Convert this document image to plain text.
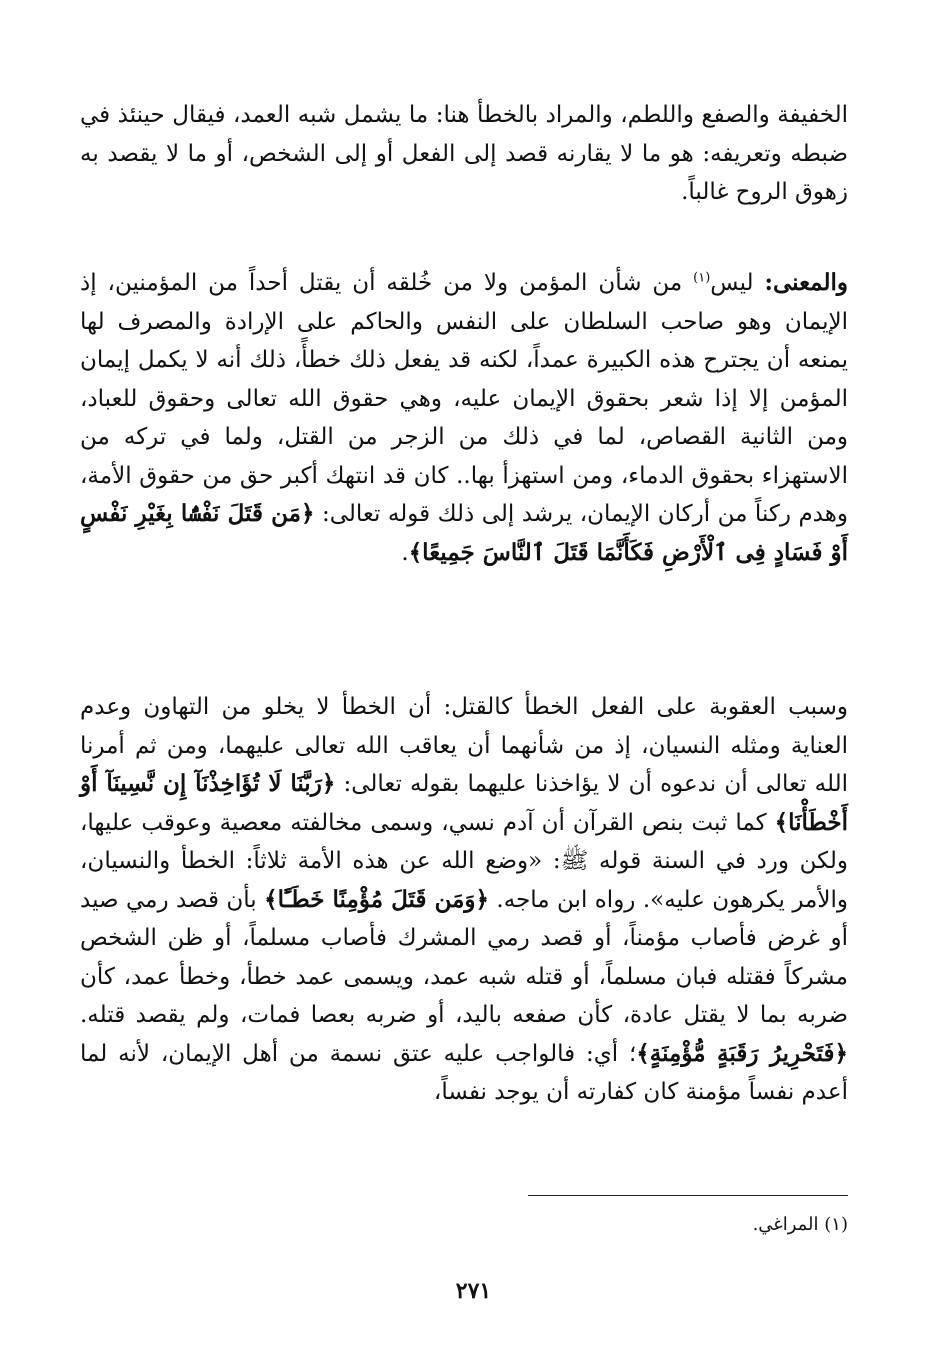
الخفيفة والصفع واللطم، والمراد بالخطأ هنا: ما يشمل شبه العمد، فيقال حينئذ في ضبطه وتعريفه: هو ما لا يقارنه قصد إلى الفعل أو إلى الشخص، أو ما لا يقصد به زهوق الروح غالباً.

والمعنى: ليس$^{(١)}$ من شأن المؤمن ولا من خُلقه أن يقتل أحداً من المؤمنين، إذ الإيمان وهو صاحب السلطان على النفس والحاكم على الإرادة والمصرف لها يمنعه أن يجترح هذه الكبيرة عمداً، لكنه قد يفعل ذلك خطأً، ذلك أنه لا يكمل إيمان المؤمن إلا إذا شعر بحقوق الإيمان عليه، وهي حقوق الله تعالى وحقوق للعباد، ومن الثانية القصاص، لما في ذلك من الزجر من القتل، ولما في تركه من الاستهزاء بحقوق الدماء، ومن استهزأ بها.. كان قد انتهك أكبر حق من حقوق الأمة، وهدم ركناً من أركان الإيمان، يرشد إلى ذلك قوله تعالى: ﴿مَن قَتَلَ نَفْسًۢا بِغَيْرِ نَفْسٍ أَوْ فَسَادٍ فِى ٱلْأَرْضِ فَكَأَنَّمَا قَتَلَ ٱلنَّاسَ جَمِيعًا﴾.

وسبب العقوبة على الفعل الخطأ كالقتل: أن الخطأ لا يخلو من التهاون وعدم العناية ومثله النسيان، إذ من شأنهما أن يعاقب الله تعالى عليهما، ومن ثم أمرنا الله تعالى أن ندعوه أن لا يؤاخذنا عليهما بقوله تعالى: ﴿رَبَّنَا لَا تُؤَاخِذْنَآ إِن نَّسِينَآ أَوْ أَخْطَأْنَا﴾ كما ثبت بنص القرآن أن آدم نسي، وسمى مخالفته معصية وعوقب عليها، ولكن ورد في السنة قوله ﷺ: «وضع الله عن هذه الأمة ثلاثاً: الخطأ والنسيان، والأمر يكرهون عليه». رواه ابن ماجه. ﴿وَمَن قَتَلَ مُؤْمِنًا خَطَـًٔا﴾ بأن قصد رمي صيد أو غرض فأصاب مؤمناً، أو قصد رمي المشرك فأصاب مسلماً، أو ظن الشخص مشركاً فقتله فبان مسلماً، أو قتله شبه عمد، ويسمى عمد خطأ، وخطأ عمد، كأن ضربه بما لا يقتل عادة، كأن صفعه باليد، أو ضربه بعصا فمات، ولم يقصد قتله. ﴿فَتَحْرِيرُ رَقَبَةٍ مُّؤْمِنَةٍ﴾؛ أي: فالواجب عليه عتق نسمة من أهل الإيمان، لأنه لما أعدم نفساً مؤمنة كان كفارته أن يوجد نفساً،

(١) المراغي.
٢٧١
